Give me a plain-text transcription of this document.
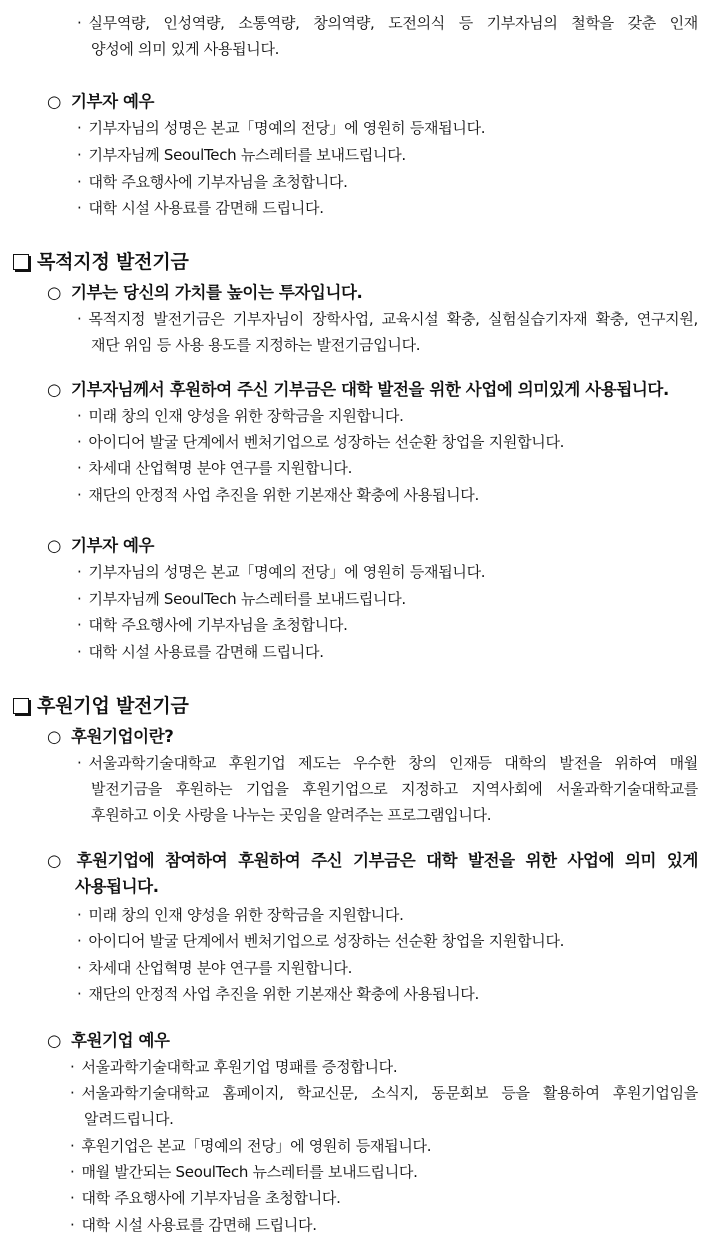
· 실무역량, 인성역량, 소통역량, 창의역량, 도전의식 등 기부자님의 철학을 갖춘 인재
양성에 의미 있게 사용됩니다.
○ 기부자 예우
· 기부자님의 성명은 본교「명예의 전당」에 영원히 등재됩니다.
· 기부자님께 SeoulTech 뉴스레터를 보내드립니다.
· 대학 주요행사에 기부자님을 초청합니다.
· 대학 시설 사용료를 감면해 드립니다.
목적지정 발전기금
○ 기부는 당신의 가치를 높이는 투자입니다.
· 목적지정 발전기금은 기부자님이 장학사업, 교육시설 확충, 실험실습기자재 확충, 연구지원,
재단 위임 등 사용 용도를 지정하는 발전기금입니다.
○ 기부자님께서 후원하여 주신 기부금은 대학 발전을 위한 사업에 의미있게 사용됩니다.
· 미래 창의 인재 양성을 위한 장학금을 지원합니다.
· 아이디어 발굴 단계에서 벤처기업으로 성장하는 선순환 창업을 지원합니다.
· 차세대 산업혁명 분야 연구를 지원합니다.
· 재단의 안정적 사업 추진을 위한 기본재산 확충에 사용됩니다.
○ 기부자 예우
· 기부자님의 성명은 본교「명예의 전당」에 영원히 등재됩니다.
· 기부자님께 SeoulTech 뉴스레터를 보내드립니다.
· 대학 주요행사에 기부자님을 초청합니다.
· 대학 시설 사용료를 감면해 드립니다.
후원기업 발전기금
○ 후원기업이란?
· 서울과학기술대학교 후원기업 제도는 우수한 창의 인재등 대학의 발전을 위하여 매월
발전기금을 후원하는 기업을 후원기업으로 지정하고 지역사회에 서울과학기술대학교를
후원하고 이웃 사랑을 나누는 곳임을 알려주는 프로그램입니다.
○ 후원기업에 참여하여 후원하여 주신 기부금은 대학 발전을 위한 사업에 의미 있게
사용됩니다.
· 미래 창의 인재 양성을 위한 장학금을 지원합니다.
· 아이디어 발굴 단계에서 벤처기업으로 성장하는 선순환 창업을 지원합니다.
· 차세대 산업혁명 분야 연구를 지원합니다.
· 재단의 안정적 사업 추진을 위한 기본재산 확충에 사용됩니다.
○ 후원기업 예우
· 서울과학기술대학교 후원기업 명패를 증정합니다.
· 서울과학기술대학교 홈페이지, 학교신문, 소식지, 동문회보 등을 활용하여 후원기업임을
알려드립니다.
· 후원기업은 본교「명예의 전당」에 영원히 등재됩니다.
· 매월 발간되는 SeoulTech 뉴스레터를 보내드립니다.
· 대학 주요행사에 기부자님을 초청합니다.
· 대학 시설 사용료를 감면해 드립니다.
